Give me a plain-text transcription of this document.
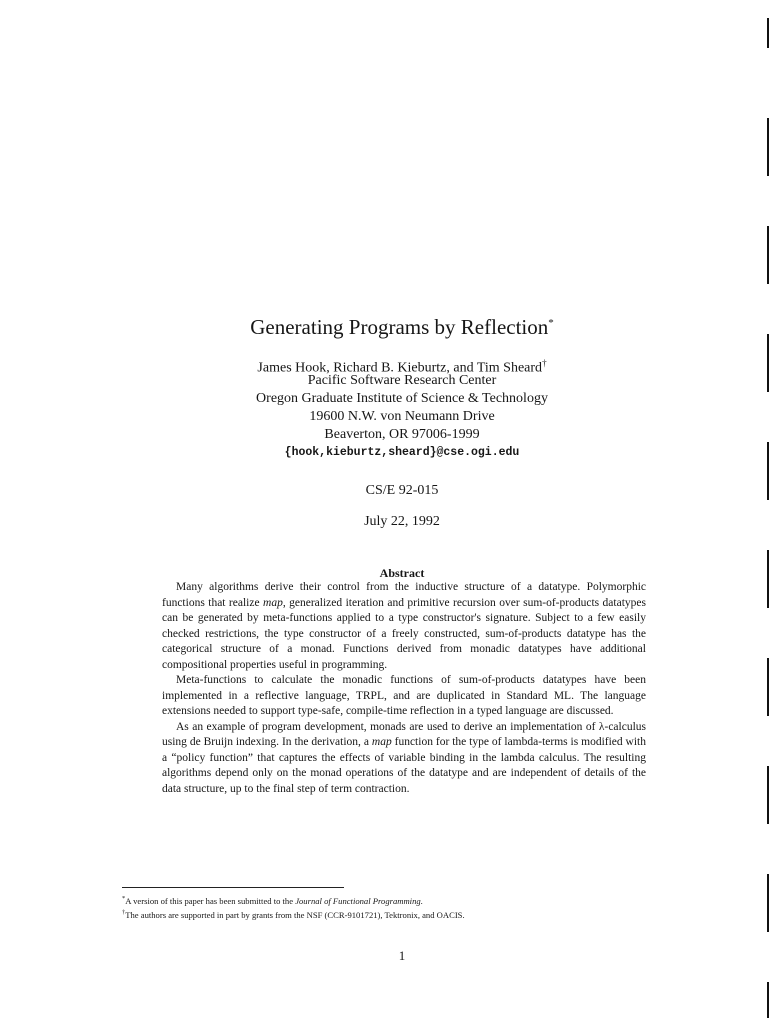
Generating Programs by Reflection*
James Hook, Richard B. Kieburtz, and Tim Sheard†
Pacific Software Research Center
Oregon Graduate Institute of Science & Technology
19600 N.W. von Neumann Drive
Beaverton, OR 97006-1999
{hook,kieburtz,sheard}@cse.ogi.edu
CS/E 92-015
July 22, 1992
Abstract

Many algorithms derive their control from the inductive structure of a datatype. Polymorphic functions that realize map, generalized iteration and primitive recursion over sum-of-products datatypes can be generated by meta-functions applied to a type constructor's signature. Subject to a few easily checked restrictions, the type constructor of a freely constructed, sum-of-products datatype has the categorical structure of a monad. Functions derived from monadic datatypes have additional compositional properties useful in programming.

Meta-functions to calculate the monadic functions of sum-of-products datatypes have been implemented in a reflective language, TRPL, and are duplicated in Standard ML. The language extensions needed to support type-safe, compile-time reflection in a typed language are discussed.

As an example of program development, monads are used to derive an implementation of λ-calculus using de Bruijn indexing. In the derivation, a map function for the type of lambda-terms is modified with a “policy function” that captures the effects of variable binding in the lambda calculus. The resulting algorithms depend only on the monad operations of the datatype and are independent of details of the data structure, up to the final step of term contraction.

*A version of this paper has been submitted to the Journal of Functional Programming.
†The authors are supported in part by grants from the NSF (CCR-9101721), Tektronix, and OACIS.
1
